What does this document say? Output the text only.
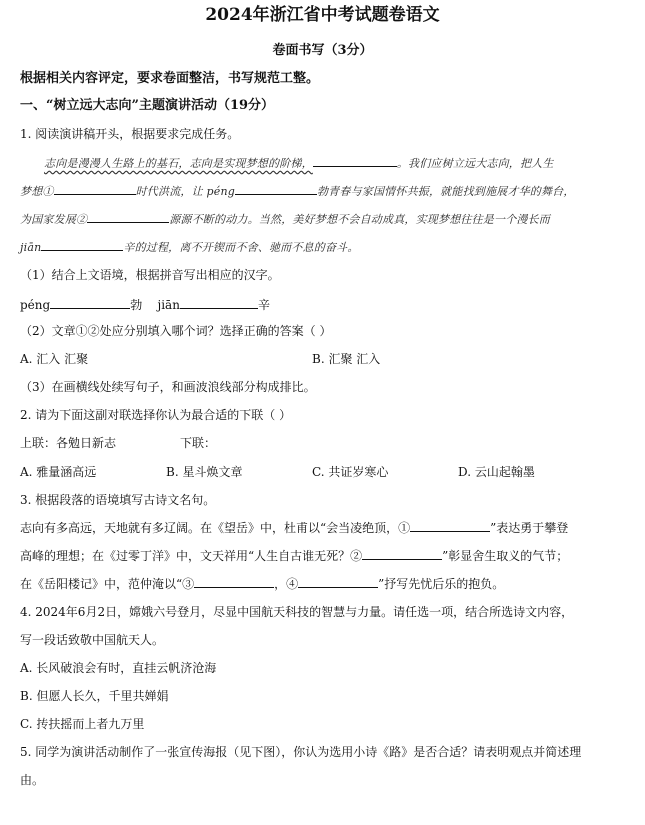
2024年浙江省中考试题卷语文
卷面书写（3分）
根据相关内容评定，要求卷面整洁，书写规范工整。
一、“树立远大志向”主题演讲活动（19分）
1. 阅读演讲稿开头，根据要求完成任务。
志向是漫漫人生路上的基石，志向是实现梦想的阶梯，	。我们应树立远大志向，把人生
梦想①	时代洪流，让 péng	勃青春与家国情怀共振，就能找到施展才华的舞台，
为国家发展②	源源不断的动力。当然，美好梦想不会自动成真，实现梦想往往是一个漫长而
jiān	辛的过程，离不开锲而不舍、驰而不息的奋斗。
（1）结合上文语境，根据拼音写出相应的汉字。
péng	勃 jiān	辛
（2）文章①②处应分别填入哪个词？选择正确的答案（ ）
A. 汇入 汇聚	B. 汇聚 汇入
（3）在画横线处续写句子，和画波浪线部分构成排比。
2. 请为下面这副对联选择你认为最合适的下联（ ）
上联：各勉日新志	下联：
A. 雅量涵高远	B. 星斗焕文章	C. 共证岁寒心	D. 云山起翰墨
3. 根据段落的语境填写古诗文名句。
志向有多高远，天地就有多辽阔。在《望岳》中，杜甫以“会当凌绝顶，①	”表达勇于攀登
高峰的理想；在《过零丁洋》中，文天祥用“人生自古谁无死？②	”彰显舍生取义的气节；
在《岳阳楼记》中，范仲淹以“③	，④	”抒写先忧后乐的抱负。
4. 2024年6月2日，嫦娥六号登月，尽显中国航天科技的智慧与力量。请任选一项，结合所选诗文内容，
写一段话致敬中国航天人。
A. 长风破浪会有时，直挂云帆济沧海
B. 但愿人长久，千里共婵娟
C. 抟扶摇而上者九万里
5. 同学为演讲活动制作了一张宣传海报（见下图），你认为选用小诗《路》是否合适？请表明观点并简述理
由。
